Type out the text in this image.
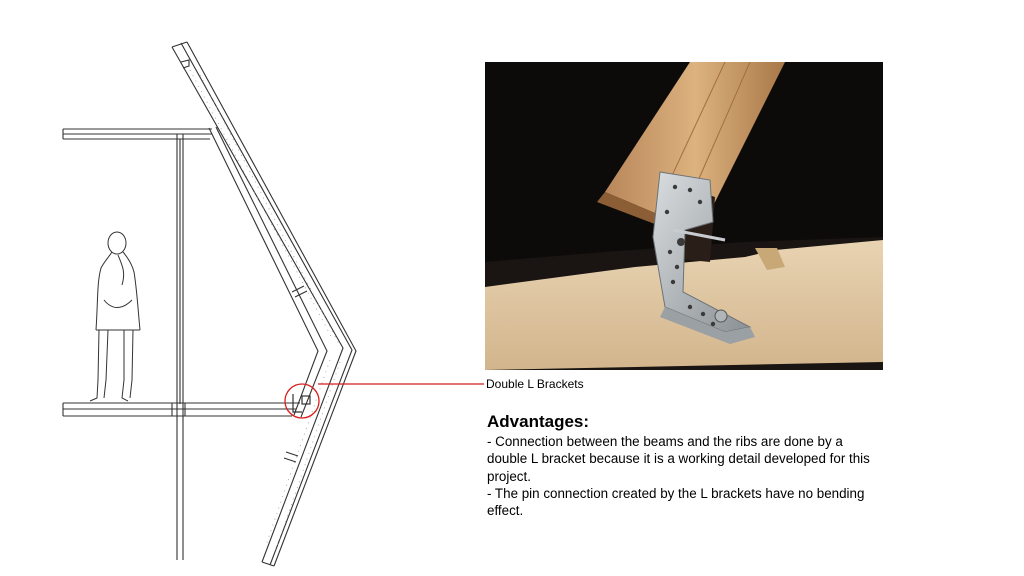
Double L Brackets
Advantages:
- Connection between the beams and the ribs are done by a
double L bracket because it is a working detail developed for this
project.
- The pin connection created by the L brackets have no bending
effect.
